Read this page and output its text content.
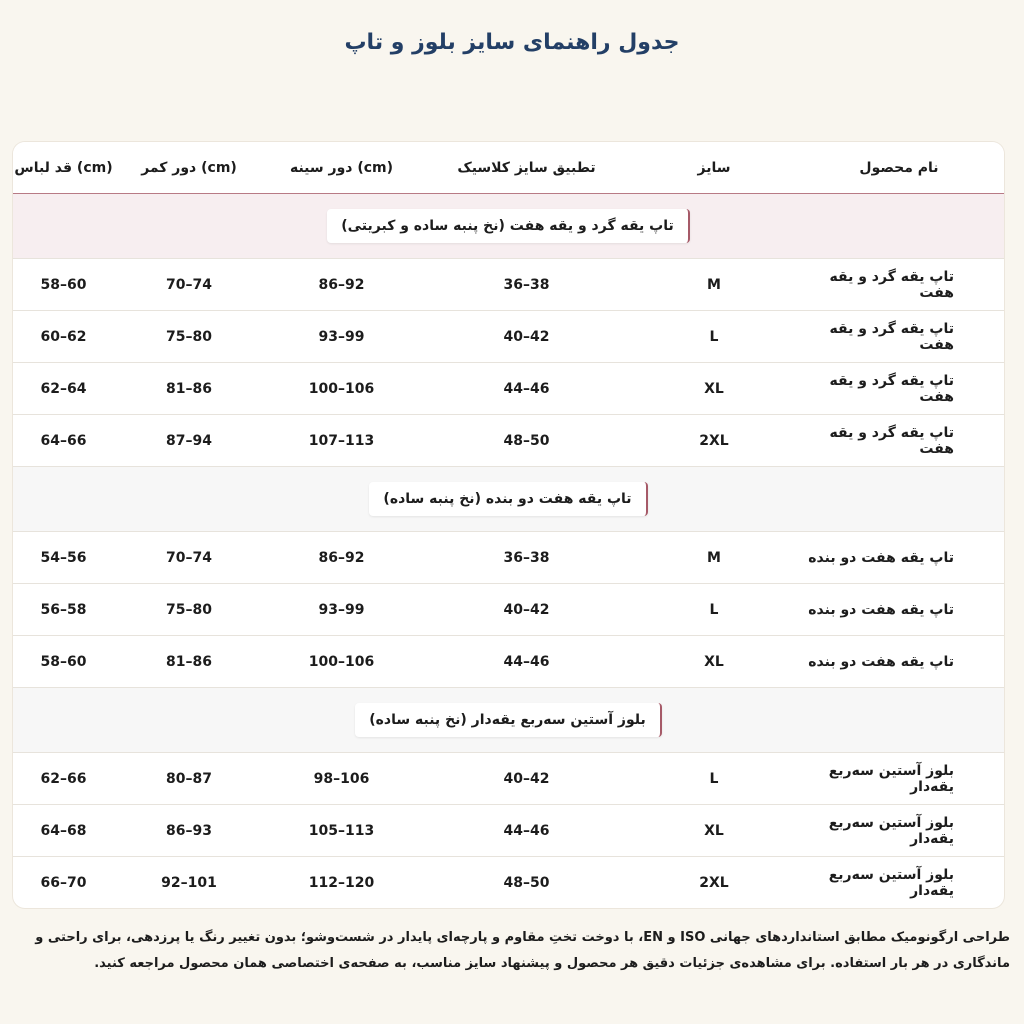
جدول راهنمای سایز بلوز و تاپ
نام محصول
سایز
تطبیق سایز کلاسیک
دور سینه (cm)
دور کمر (cm)
قد لباس (cm)
تاپ یقه گرد و یقه هفت (نخ پنبه ساده و کبریتی)
تاپ یقه گرد و یقه هفت
M
36–38
86–92
70–74
58–60
تاپ یقه گرد و یقه هفت
L
40–42
93–99
75–80
60–62
تاپ یقه گرد و یقه هفت
XL
44–46
100–106
81–86
62–64
تاپ یقه گرد و یقه هفت
2XL
48–50
107–113
87–94
64–66
تاپ یقه هفت دو بنده (نخ پنبه ساده)
تاپ یقه هفت دو بنده
M
36–38
86–92
70–74
54–56
تاپ یقه هفت دو بنده
L
40–42
93–99
75–80
56–58
تاپ یقه هفت دو بنده
XL
44–46
100–106
81–86
58–60
بلوز آستین سه‌ربع یقه‌دار (نخ پنبه ساده)
بلوز آستین سه‌ربع یقه‌دار
L
40–42
98–106
80–87
62–66
بلوز آستین سه‌ربع یقه‌دار
XL
44–46
105–113
86–93
64–68
بلوز آستین سه‌ربع یقه‌دار
2XL
48–50
112–120
92–101
66–70
طراحی ارگونومیک مطابق استانداردهای جهانی ISO و EN، با دوخت تختِ مقاوم و پارچه‌ای پایدار در شست‌وشو؛ بدون تغییر رنگ یا پرزدهی، برای راحتی و ماندگاری در هر بار استفاده. برای مشاهده‌ی جزئیات دقیق هر محصول و پیشنهاد سایز مناسب، به صفحه‌ی اختصاصی همان محصول مراجعه کنید.
